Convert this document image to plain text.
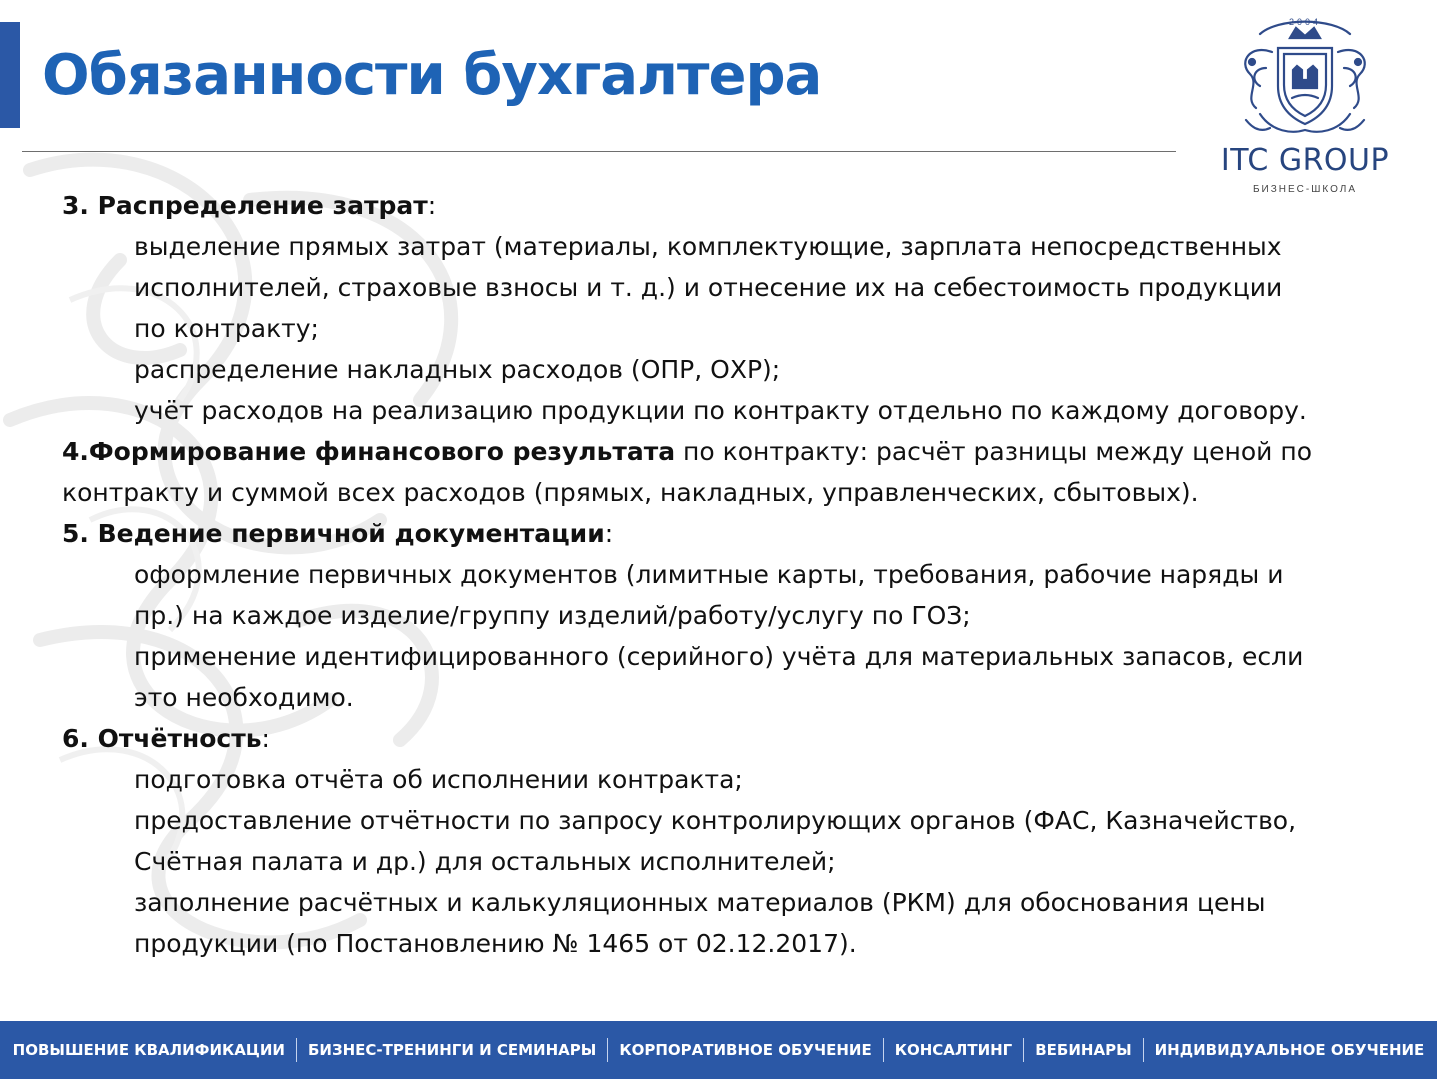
Обязанности бухгалтера
2004
ITC GROUP
БИЗНЕС-ШКОЛА
3. Распределение затрат:
выделение прямых затрат (материалы, комплектующие, зарплата непосредственных
исполнителей, страховые взносы и т. д.) и отнесение их на себестоимость продукции
по контракту;
распределение накладных расходов (ОПР, ОХР);
учёт расходов на реализацию продукции по контракту отдельно по каждому договору.
4.Формирование финансового результата по контракту: расчёт разницы между ценой по
контракту и суммой всех расходов (прямых, накладных, управленческих, сбытовых).
5. Ведение первичной документации:
оформление первичных документов (лимитные карты, требования, рабочие наряды и
пр.) на каждое изделие/группу изделий/работу/услугу по ГОЗ;
применение идентифицированного (серийного) учёта для материальных запасов, если
это необходимо.
6. Отчётность:
подготовка отчёта об исполнении контракта;
предоставление отчётности по запросу контролирующих органов (ФАС, Казначейство,
Счётная палата и др.) для остальных исполнителей;
заполнение расчётных и калькуляционных материалов (РКМ) для обоснования цены
продукции (по Постановлению № 1465 от 02.12.2017).
ПОВЫШЕНИЕ КВАЛИФИКАЦИИ	БИЗНЕС-ТРЕНИНГИ И СЕМИНАРЫ	КОРПОРАТИВНОЕ ОБУЧЕНИЕ	КОНСАЛТИНГ	ВЕБИНАРЫ	ИНДИВИДУАЛЬНОЕ ОБУЧЕНИЕ
